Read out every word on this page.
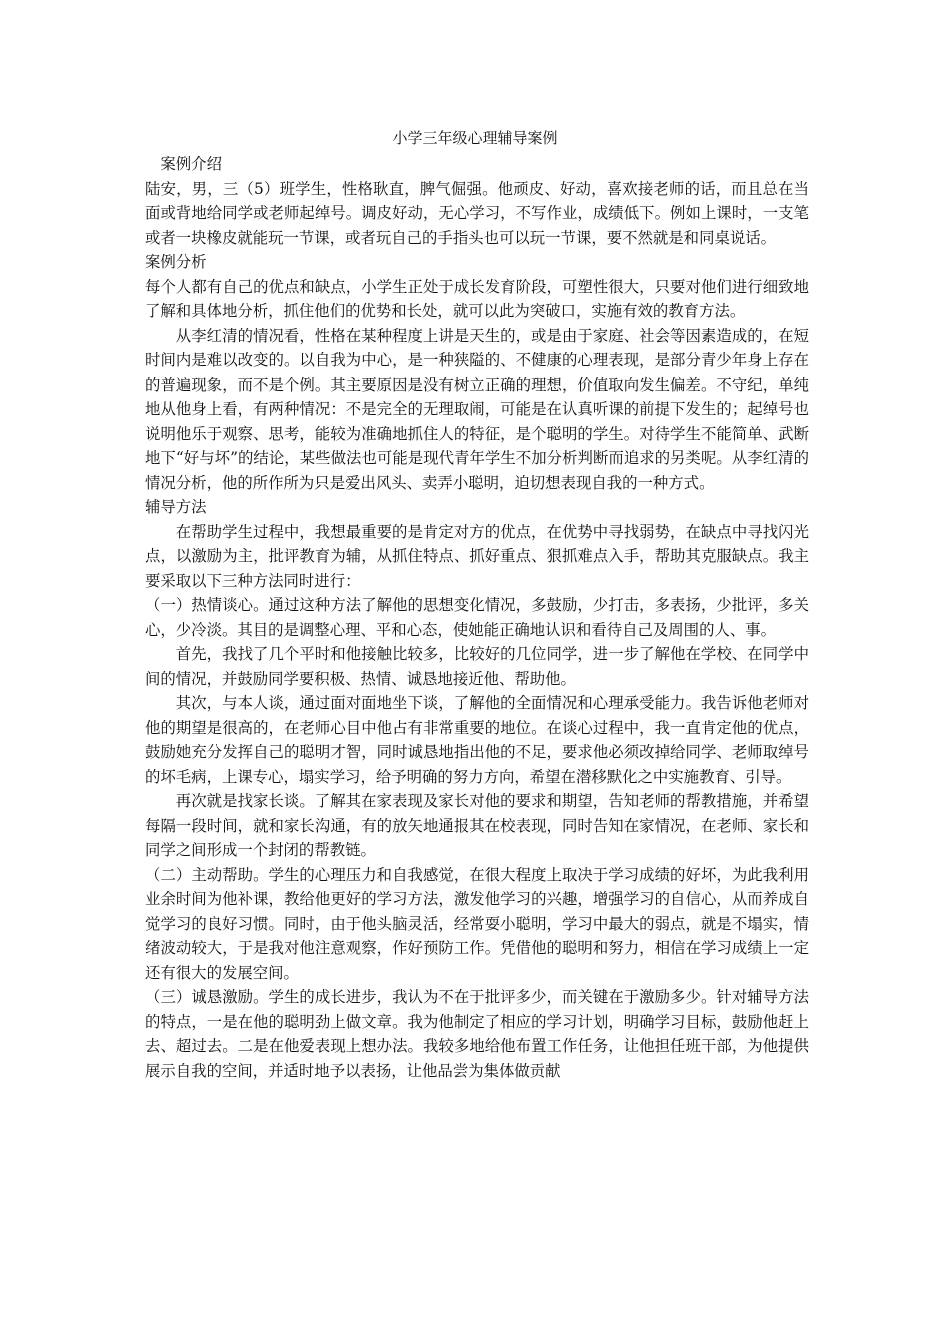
小学三年级心理辅导案例

案例介绍

陆安，男，三（5）班学生，性格耿直，脾气倔强。他顽皮、好动，喜欢接老师的话，而且总在当面或背地给同学或老师起绰号。调皮好动，无心学习，不写作业，成绩低下。例如上课时，一支笔或者一块橡皮就能玩一节课，或者玩自己的手指头也可以玩一节课，要不然就是和同桌说话。

案例分析

每个人都有自己的优点和缺点，小学生正处于成长发育阶段，可塑性很大，只要对他们进行细致地了解和具体地分析，抓住他们的优势和长处，就可以此为突破口，实施有效的教育方法。

从李红清的情况看，性格在某种程度上讲是天生的，或是由于家庭、社会等因素造成的，在短时间内是难以改变的。以自我为中心，是一种狭隘的、不健康的心理表现，是部分青少年身上存在的普遍现象，而不是个例。其主要原因是没有树立正确的理想，价值取向发生偏差。不守纪，单纯地从他身上看，有两种情况：不是完全的无理取闹，可能是在认真听课的前提下发生的；起绰号也说明他乐于观察、思考，能较为准确地抓住人的特征，是个聪明的学生。对待学生不能简单、武断地下“好与坏”的结论，某些做法也可能是现代青年学生不加分析判断而追求的另类呢。从李红清的情况分析，他的所作所为只是爱出风头、卖弄小聪明，迫切想表现自我的一种方式。

辅导方法

在帮助学生过程中，我想最重要的是肯定对方的优点，在优势中寻找弱势，在缺点中寻找闪光点，以激励为主，批评教育为辅，从抓住特点、抓好重点、狠抓难点入手，帮助其克服缺点。我主要采取以下三种方法同时进行：

（一）热情谈心。通过这种方法了解他的思想变化情况，多鼓励，少打击，多表扬，少批评，多关心，少冷淡。其目的是调整心理、平和心态，使她能正确地认识和看待自己及周围的人、事。

首先，我找了几个平时和他接触比较多，比较好的几位同学，进一步了解他在学校、在同学中间的情况，并鼓励同学要积极、热情、诚恳地接近他、帮助他。

其次，与本人谈，通过面对面地坐下谈，了解他的全面情况和心理承受能力。我告诉他老师对他的期望是很高的，在老师心目中他占有非常重要的地位。在谈心过程中，我一直肯定他的优点，鼓励她充分发挥自己的聪明才智，同时诚恳地指出他的不足，要求他必须改掉给同学、老师取绰号的坏毛病，上课专心，塌实学习，给予明确的努力方向，希望在潜移默化之中实施教育、引导。

再次就是找家长谈。了解其在家表现及家长对他的要求和期望，告知老师的帮教措施，并希望每隔一段时间，就和家长沟通，有的放矢地通报其在校表现，同时告知在家情况，在老师、家长和同学之间形成一个封闭的帮教链。

（二）主动帮助。学生的心理压力和自我感觉，在很大程度上取决于学习成绩的好坏，为此我利用业余时间为他补课，教给他更好的学习方法，激发他学习的兴趣，增强学习的自信心，从而养成自觉学习的良好习惯。同时，由于他头脑灵活，经常耍小聪明，学习中最大的弱点，就是不塌实，情绪波动较大，于是我对他注意观察，作好预防工作。凭借他的聪明和努力，相信在学习成绩上一定还有很大的发展空间。

（三）诚恳激励。学生的成长进步，我认为不在于批评多少，而关键在于激励多少。针对辅导方法的特点，一是在他的聪明劲上做文章。我为他制定了相应的学习计划，明确学习目标，鼓励他赶上去、超过去。二是在他爱表现上想办法。我较多地给他布置工作任务，让他担任班干部，为他提供展示自我的空间，并适时地予以表扬，让他品尝为集体做贡献
